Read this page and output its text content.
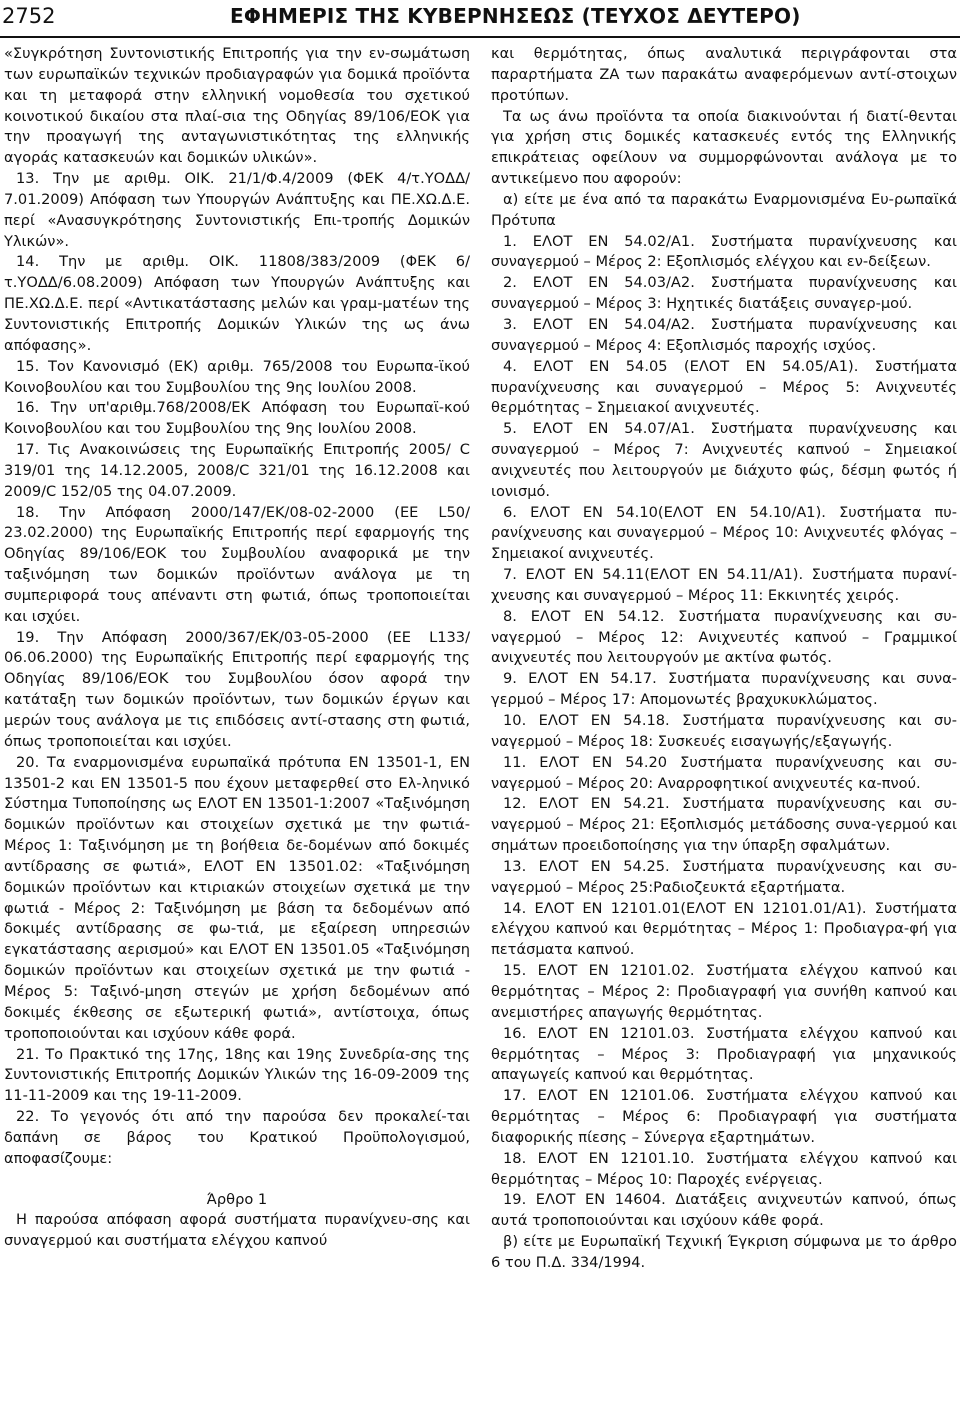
2752	ΕΦΗΜΕΡΙΣ ΤΗΣ ΚΥΒΕΡΝΗΣΕΩΣ (ΤΕΥΧΟΣ ΔΕΥΤΕΡΟ)

«Συγκρότηση Συντονιστικής Επιτροπής για την εν-σωμάτωση των ευρωπαϊκών τεχνικών προδιαγραφών για δομικά προϊόντα και τη μεταφορά στην ελληνική νομοθεσία του σχετικού κοινοτικού δικαίου στα πλαί-σια της Οδηγίας 89/106/ΕΟΚ για την προαγωγή της ανταγωνιστικότητας της ελληνικής αγοράς κατασκευών και δομικών υλικών».

13. Την με αριθμ. ΟΙΚ. 21/1/Φ.4/2009 (ΦΕΚ 4/τ.ΥΟΔΔ/ 7.01.2009) Απόφαση των Υπουργών Ανάπτυξης και ΠΕ.ΧΩ.Δ.Ε. περί «Ανασυγκρότησης Συντονιστικής Επι-τροπής Δομικών Υλικών».

14. Την με αριθμ. ΟΙΚ. 11808/383/2009 (ΦΕΚ 6/ τ.ΥΟΔΔ/6.08.2009) Απόφαση των Υπουργών Ανάπτυξης και ΠΕ.ΧΩ.Δ.Ε. περί «Αντικατάστασης μελών και γραμ-ματέων της Συντονιστικής Επιτροπής Δομικών Υλικών της ως άνω απόφασης».

15. Τον Κανονισμό (ΕΚ) αριθμ. 765/2008 του Ευρωπα-ϊκού Κοινοβουλίου και του Συμβουλίου της 9ης Ιουλίου 2008.

16. Την υπ'αριθμ.768/2008/ΕΚ Απόφαση του Ευρωπαϊ-κού Κοινοβουλίου και του Συμβουλίου της 9ης Ιουλίου 2008.

17. Τις Ανακοινώσεις της Ευρωπαϊκής Επιτροπής 2005/ C 319/01 της 14.12.2005, 2008/C 321/01 της 16.12.2008 και 2009/C 152/05 της 04.07.2009.

18. Την Απόφαση 2000/147/ΕΚ/08-02-2000 (ΕΕ L50/ 23.02.2000) της Ευρωπαϊκής Επιτροπής περί εφαρμογής της Οδηγίας 89/106/ΕΟΚ του Συμβουλίου αναφορικά με την ταξινόμηση των δομικών προϊόντων ανάλογα με τη συμπεριφορά τους απέναντι στη φωτιά, όπως τροποποιείται και ισχύει.

19. Την Απόφαση 2000/367/ΕΚ/03-05-2000 (ΕΕ L133/ 06.06.2000) της Ευρωπαϊκής Επιτροπής περί εφαρμογής της Οδηγίας 89/106/ΕΟΚ του Συμβουλίου όσον αφορά την κατάταξη των δομικών προϊόντων, των δομικών έργων και μερών τους ανάλογα με τις επιδόσεις αντί-στασης στη φωτιά, όπως τροποποιείται και ισχύει.

20. Τα εναρμονισμένα ευρωπαϊκά πρότυπα ΕΝ 13501-1, ΕΝ 13501-2 και ΕΝ 13501-5 που έχουν μεταφερθεί στο Ελ-ληνικό Σύστημα Τυποποίησης ως ΕΛΟΤ ΕΝ 13501-1:2007 «Ταξινόμηση δομικών προϊόντων και στοιχείων σχετικά με την φωτιά- Μέρος 1: Ταξινόμηση με τη βοήθεια δε-δομένων από δοκιμές αντίδρασης σε φωτιά», ΕΛΟΤ ΕΝ 13501.02: «Ταξινόμηση δομικών προϊόντων και κτιριακών στοιχείων σχετικά με την φωτιά - Μέρος 2: Ταξινόμηση με βάση τα δεδομένων από δοκιμές αντίδρασης σε φω-τιά, με εξαίρεση υπηρεσιών εγκατάστασης αερισμού» και ΕΛΟΤ ΕΝ 13501.05 «Ταξινόμηση δομικών προϊόντων και στοιχείων σχετικά με την φωτιά - Μέρος 5: Ταξινό-μηση στεγών με χρήση δεδομένων από δοκιμές έκθεσης σε εξωτερική φωτιά», αντίστοιχα, όπως τροποποιούνται και ισχύουν κάθε φορά.

21. Το Πρακτικό της 17ης, 18ης και 19ης Συνεδρία-σης της Συντονιστικής Επιτροπής Δομικών Υλικών της 16-09-2009 της 11-11-2009 και της 19-11-2009.

22. Το γεγονός ότι από την παρούσα δεν προκαλεί-ται δαπάνη σε βάρος του Κρατικού Προϋπολογισμού, αποφασίζουμε:

Άρθρο 1

Η παρούσα απόφαση αφορά συστήματα πυρανίχνευ-σης και συναγερμού και συστήματα ελέγχου καπνού

και θερμότητας, όπως αναλυτικά περιγράφονται στα παραρτήματα ΖΑ των παρακάτω αναφερόμενων αντί-στοιχων προτύπων.

Τα ως άνω προϊόντα τα οποία διακινούνται ή διατί-θενται για χρήση στις δομικές κατασκευές εντός της Ελληνικής επικράτειας οφείλουν να συμμορφώνονται ανάλογα με το αντικείμενο που αφορούν:

α) είτε με ένα από τα παρακάτω Εναρμονισμένα Ευ-ρωπαϊκά Πρότυπα

1. ΕΛΟΤ ΕΝ 54.02/Α1. Συστήματα πυρανίχνευσης και συναγερμού – Μέρος 2: Εξοπλισμός ελέγχου και εν-δείξεων.

2. ΕΛΟΤ ΕΝ 54.03/Α2. Συστήματα πυρανίχνευσης και συναγερμού – Μέρος 3: Ηχητικές διατάξεις συναγερ-μού.

3. ΕΛΟΤ ΕΝ 54.04/Α2. Συστήματα πυρανίχνευσης και συναγερμού – Μέρος 4: Εξοπλισμός παροχής ισχύος.

4. ΕΛΟΤ ΕΝ 54.05 (ΕΛΟΤ ΕΝ 54.05/Α1). Συστήματα πυρανίχνευσης και συναγερμού – Μέρος 5: Ανιχνευτές θερμότητας – Σημειακοί ανιχνευτές.

5. ΕΛΟΤ ΕΝ 54.07/Α1. Συστήματα πυρανίχνευσης και συναγερμού – Μέρος 7: Ανιχνευτές καπνού – Σημειακοί ανιχνευτές που λειτουργούν με διάχυτο φώς, δέσμη φωτός ή ιονισμό.

6. ΕΛΟΤ ΕΝ 54.10(ΕΛΟΤ ΕΝ 54.10/Α1). Συστήματα πυ-ρανίχνευσης και συναγερμού – Μέρος 10: Ανιχνευτές φλόγας – Σημειακοί ανιχνευτές.

7. ΕΛΟΤ ΕΝ 54.11(ΕΛΟΤ ΕΝ 54.11/Α1). Συστήματα πυρανί-χνευσης και συναγερμού – Μέρος 11: Εκκινητές χειρός.

8. ΕΛΟΤ ΕΝ 54.12. Συστήματα πυρανίχνευσης και συ-ναγερμού – Μέρος 12: Ανιχνευτές καπνού – Γραμμικοί ανιχνευτές που λειτουργούν με ακτίνα φωτός.

9. ΕΛΟΤ ΕΝ 54.17. Συστήματα πυρανίχνευσης και συνα-γερμού – Μέρος 17: Απομονωτές βραχυκυκλώματος.

10. ΕΛΟΤ ΕΝ 54.18. Συστήματα πυρανίχνευσης και συ-ναγερμού – Μέρος 18: Συσκευές εισαγωγής/εξαγωγής.

11. ΕΛΟΤ ΕΝ 54.20 Συστήματα πυρανίχνευσης και συ-ναγερμού – Μέρος 20: Αναρροφητικοί ανιχνευτές κα-πνού.

12. ΕΛΟΤ ΕΝ 54.21. Συστήματα πυρανίχνευσης και συ-ναγερμού – Μέρος 21: Εξοπλισμός μετάδοσης συνα-γερμού και σημάτων προειδοποίησης για την ύπαρξη σφαλμάτων.

13. ΕΛΟΤ ΕΝ 54.25. Συστήματα πυρανίχνευσης και συ-ναγερμού – Μέρος 25:Ραδιοζευκτά εξαρτήματα.

14. ΕΛΟΤ ΕΝ 12101.01(ΕΛΟΤ ΕΝ 12101.01/Α1). Συστήματα ελέγχου καπνού και θερμότητας – Μέρος 1: Προδιαγρα-φή για πετάσματα καπνού.

15. ΕΛΟΤ ΕΝ 12101.02. Συστήματα ελέγχου καπνού και θερμότητας – Μέρος 2: Προδιαγραφή για συνήθη καπνού και ανεμιστήρες απαγωγής θερμότητας.

16. ΕΛΟΤ ΕΝ 12101.03. Συστήματα ελέγχου καπνού και θερμότητας – Μέρος 3: Προδιαγραφή για μηχανικούς απαγωγείς καπνού και θερμότητας.

17. ΕΛΟΤ ΕΝ 12101.06. Συστήματα ελέγχου καπνού και θερμότητας – Μέρος 6: Προδιαγραφή για συστήματα διαφορικής πίεσης – Σύνεργα εξαρτημάτων.

18. ΕΛΟΤ ΕΝ 12101.10. Συστήματα ελέγχου καπνού και θερμότητας – Μέρος 10: Παροχές ενέργειας.

19. ΕΛΟΤ ΕΝ 14604. Διατάξεις ανιχνευτών καπνού, όπως αυτά τροποποιούνται και ισχύουν κάθε φορά.

β) είτε με Ευρωπαϊκή Τεχνική Έγκριση σύμφωνα με το άρθρο 6 του Π.Δ. 334/1994.
